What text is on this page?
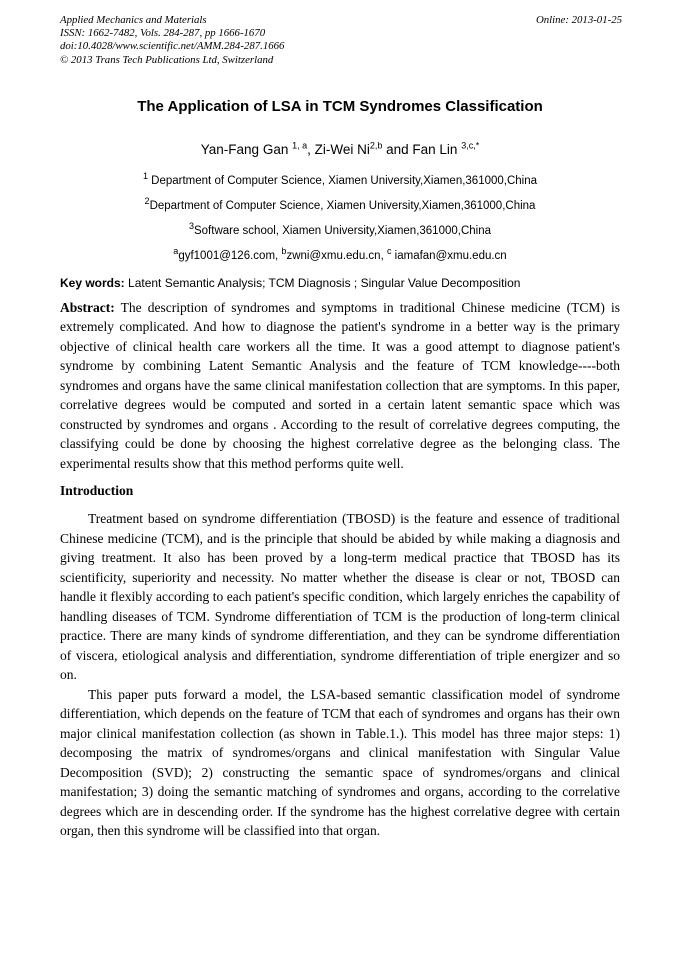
Applied Mechanics and Materials
ISSN: 1662-7482, Vols. 284-287, pp 1666-1670
doi:10.4028/www.scientific.net/AMM.284-287.1666
© 2013 Trans Tech Publications Ltd, Switzerland
Online: 2013-01-25
The Application of LSA in TCM Syndromes Classification
Yan-Fang Gan $^{1, a}$, Zi-Wei Ni$^{2,b}$ and Fan Lin $^{3,c,*}$
$^1$ Department of Computer Science, Xiamen University,Xiamen,361000,China
$^2$Department of Computer Science, Xiamen University,Xiamen,361000,China
$^3$Software school, Xiamen University,Xiamen,361000,China
$^a$gyf1001@126.com, $^b$zwni@xmu.edu.cn, $^c$ iamafan@xmu.edu.cn
Key words: Latent Semantic Analysis; TCM Diagnosis ; Singular Value Decomposition
Abstract: The description of syndromes and symptoms in traditional Chinese medicine (TCM) is extremely complicated. And how to diagnose the patient's syndrome in a better way is the primary objective of clinical health care workers all the time. It was a good attempt to diagnose patient's syndrome by combining Latent Semantic Analysis and the feature of TCM knowledge----both syndromes and organs have the same clinical manifestation collection that are symptoms. In this paper, correlative degrees would be computed and sorted in a certain latent semantic space which was constructed by syndromes and organs . According to the result of correlative degrees computing, the classifying could be done by choosing the highest correlative degree as the belonging class. The experimental results show that this method performs quite well.
Introduction
Treatment based on syndrome differentiation (TBOSD) is the feature and essence of traditional Chinese medicine (TCM), and is the principle that should be abided by while making a diagnosis and giving treatment. It also has been proved by a long-term medical practice that TBOSD has its scientificity, superiority and necessity. No matter whether the disease is clear or not, TBOSD can handle it flexibly according to each patient's specific condition, which largely enriches the capability of handling diseases of TCM. Syndrome differentiation of TCM is the production of long-term clinical practice. There are many kinds of syndrome differentiation, and they can be syndrome differentiation of viscera, etiological analysis and differentiation, syndrome differentiation of triple energizer and so on.
This paper puts forward a model, the LSA-based semantic classification model of syndrome differentiation, which depends on the feature of TCM that each of syndromes and organs has their own major clinical manifestation collection (as shown in Table.1.). This model has three major steps: 1) decomposing the matrix of syndromes/organs and clinical manifestation with Singular Value Decomposition (SVD); 2) constructing the semantic space of syndromes/organs and clinical manifestation; 3) doing the semantic matching of syndromes and organs, according to the correlative degrees which are in descending order. If the syndrome has the highest correlative degree with certain organ, then this syndrome will be classified into that organ.
